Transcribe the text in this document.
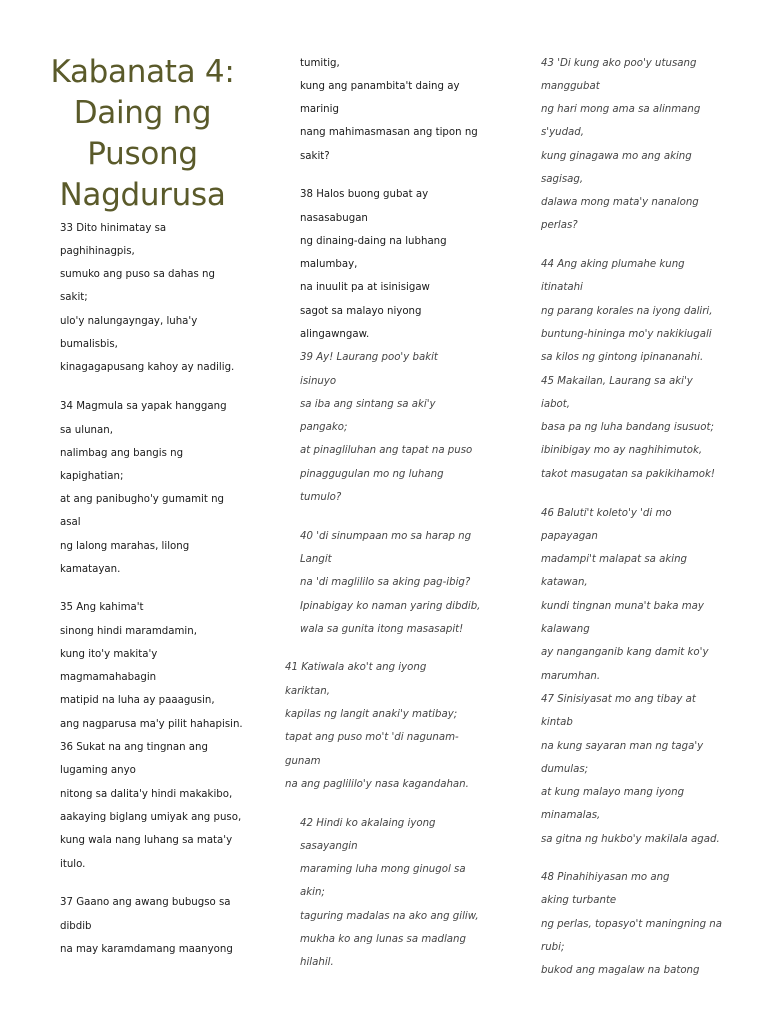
Kabanata 4:
Daing ng
Pusong
Nagdurusa
33 Dito hinimatay sa
paghihinagpis,
sumuko ang puso sa dahas ng
sakit;
ulo'y nalungayngay, luha'y
bumalisbis,
kinagagapusang kahoy ay nadilig.
34 Magmula sa yapak hanggang
sa ulunan,
nalimbag ang bangis ng
kapighatian;
at ang panibugho'y gumamit ng
asal
ng lalong marahas, lilong
kamatayan.
35 Ang kahima't
sinong hindi maramdamin,
kung ito'y makita'y
magmamahabagin
matipid na luha ay paaagusin,
ang nagparusa ma'y pilit hahapisin.
36 Sukat na ang tingnan ang
lugaming anyo
nitong sa dalita'y hindi makakibo,
aakaying biglang umiyak ang puso,
kung wala nang luhang sa mata'y
itulo.
37 Gaano ang awang bubugso sa
dibdib
na may karamdamang maanyong
tumitig,
kung ang panambita't daing ay
marinig
nang mahimasmasan ang tipon ng
sakit?
38 Halos buong gubat ay
nasasabugan
ng dinaing-daing na lubhang
malumbay,
na inuulit pa at isinisigaw
sagot sa malayo niyong
alingawngaw.
39 Ay! Laurang poo'y bakit
isinuyo
sa iba ang sintang sa aki'y
pangako;
at pinagliluhan ang tapat na puso
pinaggugulan mo ng luhang
tumulo?
40 'di sinumpaan mo sa harap ng
Langit
na 'di maglililo sa aking pag-ibig?
Ipinabigay ko naman yaring dibdib,
wala sa gunita itong masasapit!
41 Katiwala ako't ang iyong
kariktan,
kapilas ng langit anaki'y matibay;
tapat ang puso mo't 'di nagunam-
gunam
na ang paglililo'y nasa kagandahan.
42 Hindi ko akalaing iyong
sasayangin
maraming luha mong ginugol sa
akin;
taguring madalas na ako ang giliw,
mukha ko ang lunas sa madlang
hilahil.
43 'Di kung ako poo'y utusang
manggubat
ng hari mong ama sa alinmang
s'yudad,
kung ginagawa mo ang aking
sagisag,
dalawa mong mata'y nanalong
perlas?
44 Ang aking plumahe kung
itinatahi
ng parang korales na iyong daliri,
buntung-hininga mo'y nakikiugali
sa kilos ng gintong ipinananahi.
45 Makailan, Laurang sa aki'y
iabot,
basa pa ng luha bandang isusuot;
ibinibigay mo ay naghihimutok,
takot masugatan sa pakikihamok!
46 Baluti't koleto'y 'di mo
papayagan
madampi't malapat sa aking
katawan,
kundi tingnan muna't baka may
kalawang
ay nanganganib kang damit ko'y
marumhan.
47 Sinisiyasat mo ang tibay at
kintab
na kung sayaran man ng taga'y
dumulas;
at kung malayo mang iyong
minamalas,
sa gitna ng hukbo'y makilala agad.
48 Pinahihiyasan mo ang
aking turbante
ng perlas, topasyo't maningning na
rubi;
bukod ang magalaw na batong
